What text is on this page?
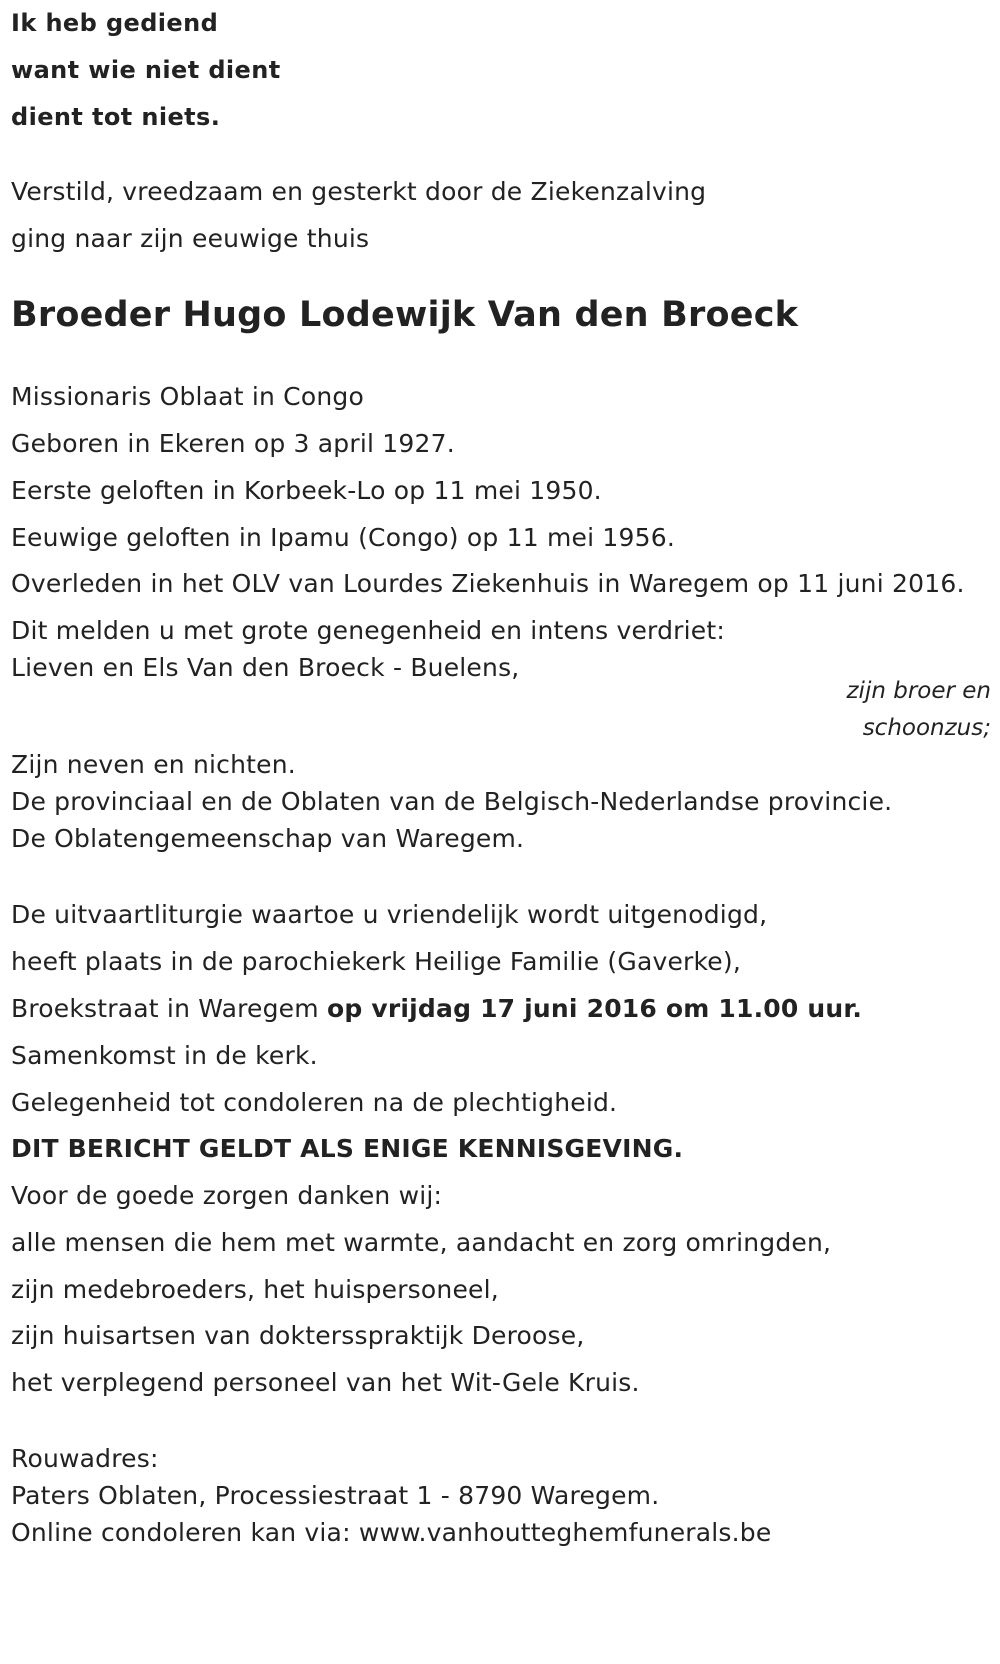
Ik heb gediend
want wie niet dient
dient tot niets.
Verstild, vreedzaam en gesterkt door de Ziekenzalving
ging naar zijn eeuwige thuis
Broeder Hugo Lodewijk Van den Broeck
Missionaris Oblaat in Congo
Geboren in Ekeren op 3 april 1927.
Eerste geloften in Korbeek-Lo op 11 mei 1950.
Eeuwige geloften in Ipamu (Congo) op 11 mei 1956.
Overleden in het OLV van Lourdes Ziekenhuis in Waregem op 11 juni 2016.
Dit melden u met grote genegenheid en intens verdriet:
Lieven en Els Van den Broeck - Buelens,
zijn broer en
schoonzus;
Zijn neven en nichten.
De provinciaal en de Oblaten van de Belgisch-Nederlandse provincie.
De Oblatengemeenschap van Waregem.
De uitvaartliturgie waartoe u vriendelijk wordt uitgenodigd,
heeft plaats in de parochiekerk Heilige Familie (Gaverke),
Broekstraat in Waregem op vrijdag 17 juni 2016 om 11.00 uur.
Samenkomst in de kerk.
Gelegenheid tot condoleren na de plechtigheid.
DIT BERICHT GELDT ALS ENIGE KENNISGEVING.
Voor de goede zorgen danken wij:
alle mensen die hem met warmte, aandacht en zorg omringden,
zijn medebroeders, het huispersoneel,
zijn huisartsen van doktersspraktijk Deroose,
het verplegend personeel van het Wit-Gele Kruis.
Rouwadres:
Paters Oblaten, Processiestraat 1 - 8790 Waregem.
Online condoleren kan via: www.vanhoutteghemfunerals.be
